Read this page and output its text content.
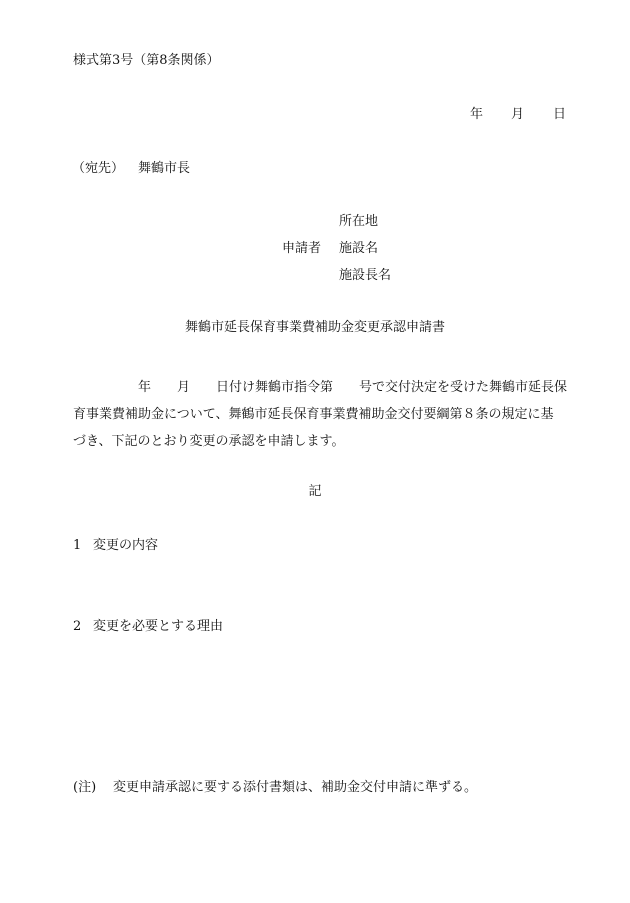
様式第3号（第8条関係）
年 月 日
（宛先） 舞鶴市長
所在地
申請者 施設名
施設長名
舞鶴市延長保育事業費補助金変更承認申請書
　　　　　年　　月　　日付け舞鶴市指令第　　号で交付決定を受けた舞鶴市延長保
育事業費補助金について、舞鶴市延長保育事業費補助金交付要綱第８条の規定に基
づき、下記のとおり変更の承認を申請します。
記
1 変更の内容
2 変更を必要とする理由
(注) 変更申請承認に要する添付書類は、補助金交付申請に準ずる。
